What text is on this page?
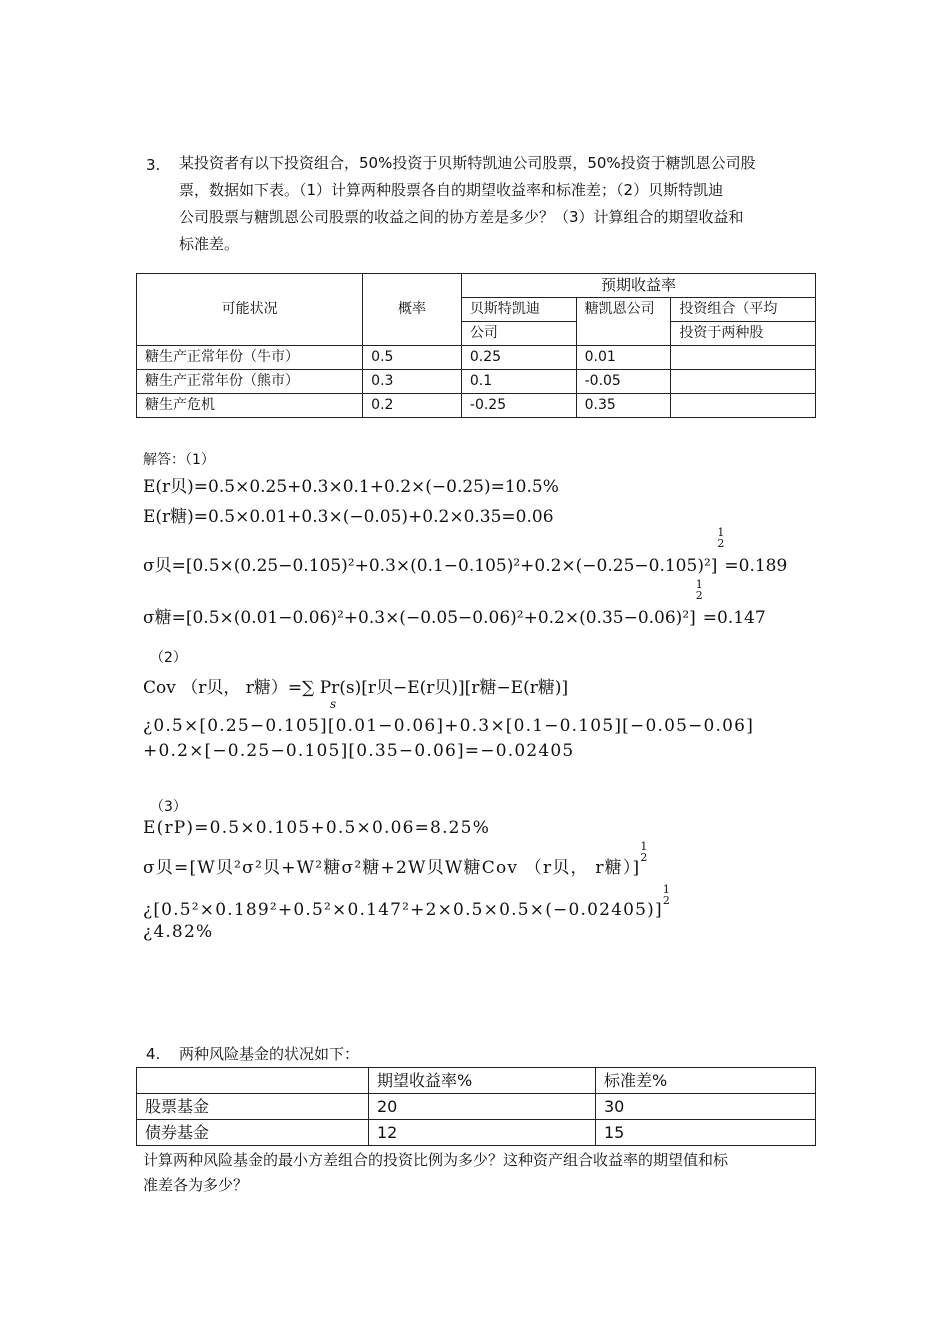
3. 某投资者有以下投资组合，50%投资于贝斯特凯迪公司股票，50%投资于糖凯恩公司股
票，数据如下表。（1）计算两种股票各自的期望收益率和标准差；（2）贝斯特凯迪
公司股票与糖凯恩公司股票的收益之间的协方差是多少？（3）计算组合的期望收益和
标准差。
可能状况	概率	预期收益率		
		贝斯特凯迪	糖凯恩公司	投资组合（平均
		公司		投资于两种股
糖生产正常年份（牛市）	0.5	0.25	0.01	
糖生产正常年份（熊市）	0.3	0.1	-0.05	
糖生产危机	0.2	-0.25	0.35	
解答：（1）
E(r贝)=0.5×0.25+0.3×0.1+0.2×(−0.25)=10.5%
E(r糖)=0.5×0.01+0.3×(−0.05)+0.2×0.35=0.06
σ贝=[0.5×(0.25−0.105)²+0.3×(0.1−0.105)²+0.2×(−0.25−0.105)²]1
2=0.189
σ糖=[0.5×(0.01−0.06)²+0.3×(−0.05−0.06)²+0.2×(0.35−0.06)²]1
2=0.147
（2）
Cov （r贝， r糖）=∑ Pr(s)[r贝−E(r贝)][r糖−E(r糖)]
s
¿0.5×[0.25−0.105][0.01−0.06]+0.3×[0.1−0.105][−0.05−0.06]
+0.2×[−0.25−0.105][0.35−0.06]=−0.02405
（3）
E(rP)=0.5×0.105+0.5×0.06=8.25%
σ贝=[W贝²σ²贝+W²糖σ²糖+2W贝W糖Cov （r贝， r糖）]1
2
¿[0.5²×0.189²+0.5²×0.147²+2×0.5×0.5×(−0.02405)]1
2
¿4.82%
4. 两种风险基金的状况如下：
	期望收益率%	标准差%
股票基金	20	30
债券基金	12	15
计算两种风险基金的最小方差组合的投资比例为多少？这种资产组合收益率的期望值和标
准差各为多少？
